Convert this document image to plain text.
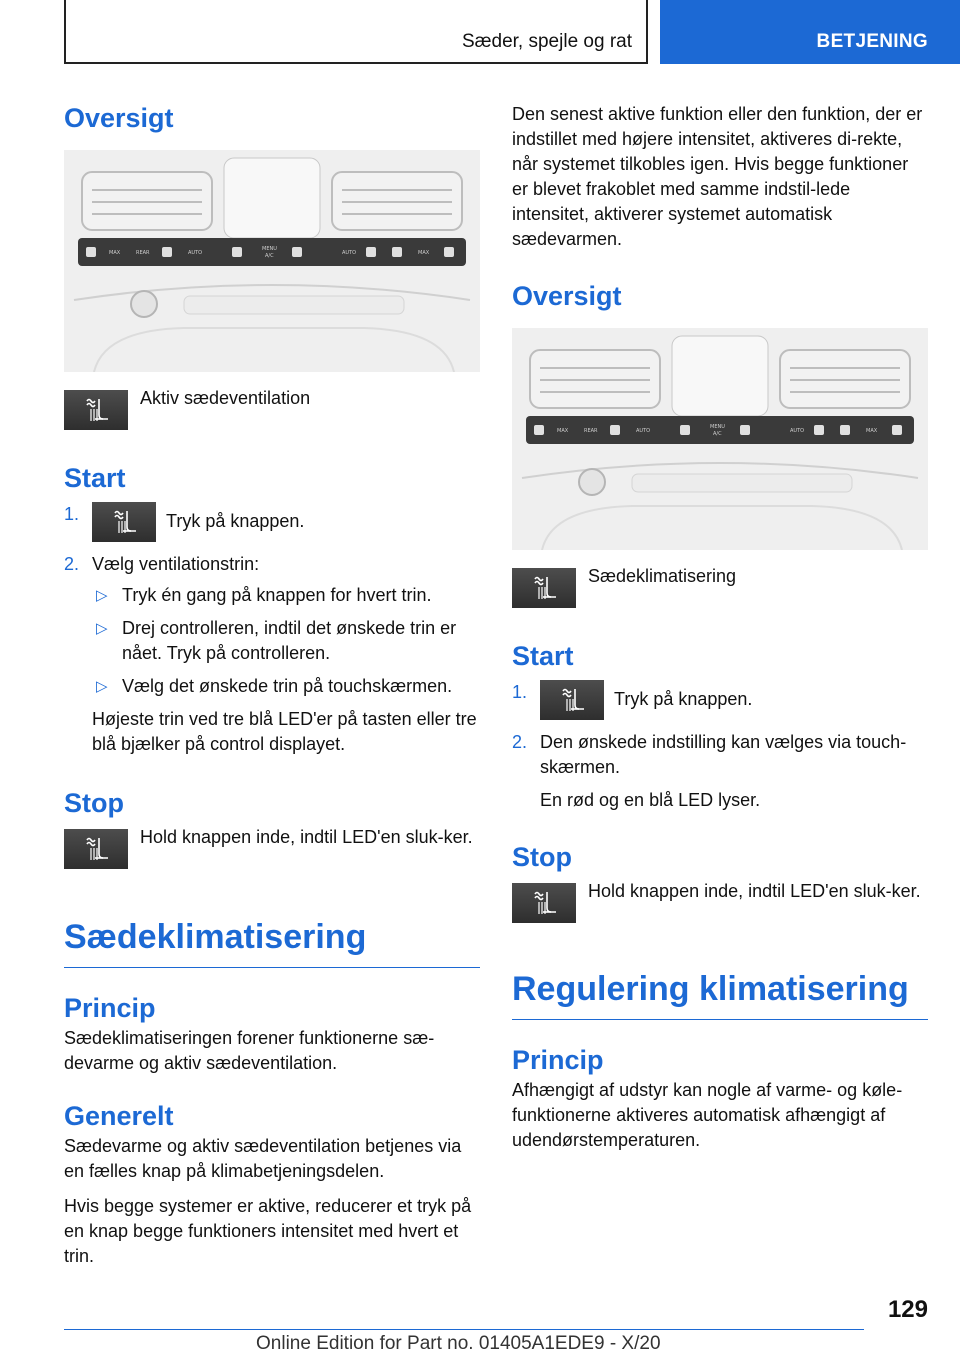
Sæder, spejle og rat	BETJENING
Oversigt
MAX	REAR	AUTO
MENU
A/C	AUTO	MAX

Aktiv sædeventilation

Start
1.	Tryk på knappen.
2. Vælg ventilationstrin:
▷ Tryk én gang på knappen for hvert trin.
▷ Drej controlleren, indtil det ønskede trin er nået. Tryk på controlleren.
▷ Vælg det ønskede trin på touchskærmen.

Højeste trin ved tre blå LED'er på tasten eller tre blå bjælker på control displayet.

Stop

Hold knappen inde, indtil LED'en sluk-ker.

Sædeklimatisering
Princip

Sædeklimatiseringen forener funktionerne sæ-devarme og aktiv sædeventilation.

Generelt

Sædevarme og aktiv sædeventilation betjenes via en fælles knap på klimabetjeningsdelen.

Hvis begge systemer er aktive, reducerer et tryk på en knap begge funktioners intensitet med hvert et trin.

Den senest aktive funktion eller den funktion, der er indstillet med højere intensitet, aktiveres di-rekte, når systemet tilkobles igen. Hvis begge funktioner er blevet frakoblet med samme indstil-lede intensitet, aktiverer systemet automatisk sædevarmen.

Oversigt
MAX	REAR	AUTO
MENU
A/C	AUTO	MAX

Sædeklimatisering

Start
1.	Tryk på knappen.
2. Den ønskede indstilling kan vælges via touch-skærmen.

En rød og en blå LED lyser.

Stop

Hold knappen inde, indtil LED'en sluk-ker.

Regulering klimatisering
Princip

Afhængigt af udstyr kan nogle af varme- og køle-funktionerne aktiveres automatisk afhængigt af udendørstemperaturen.

129
Online Edition for Part no. 01405A1EDE9 - X/20
